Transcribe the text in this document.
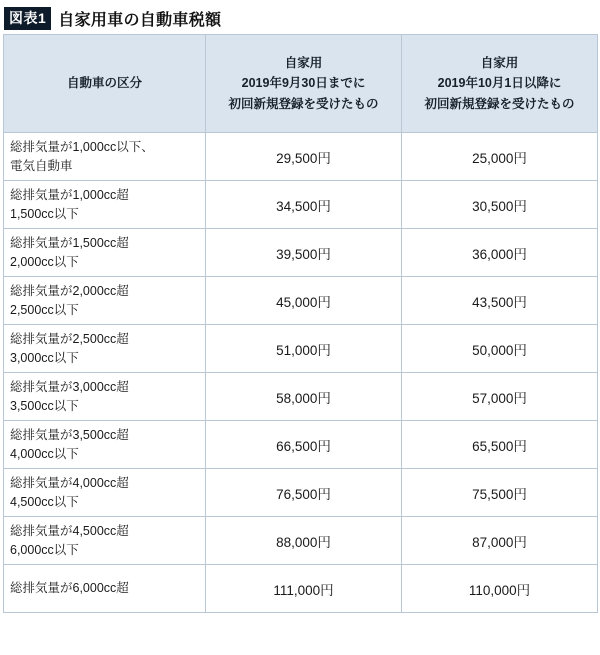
図表1 自家用車の自動車税額
自動車の区分	自家用
2019年9月30日までに
初回新規登録を受けたもの	自家用
2019年10月1日以降に
初回新規登録を受けたもの

総排気量が1,000cc以下、
電気自動車	29,500円	25,000円

総排気量が1,000cc超
1,500cc以下	34,500円	30,500円

総排気量が1,500cc超
2,000cc以下	39,500円	36,000円

総排気量が2,000cc超
2,500cc以下	45,000円	43,500円

総排気量が2,500cc超
3,000cc以下	51,000円	50,000円

総排気量が3,000cc超
3,500cc以下	58,000円	57,000円

総排気量が3,500cc超
4,000cc以下	66,500円	65,500円

総排気量が4,000cc超
4,500cc以下	76,500円	75,500円

総排気量が4,500cc超
6,000cc以下	88,000円	87,000円

総排気量が6,000cc超	111,000円	110,000円
